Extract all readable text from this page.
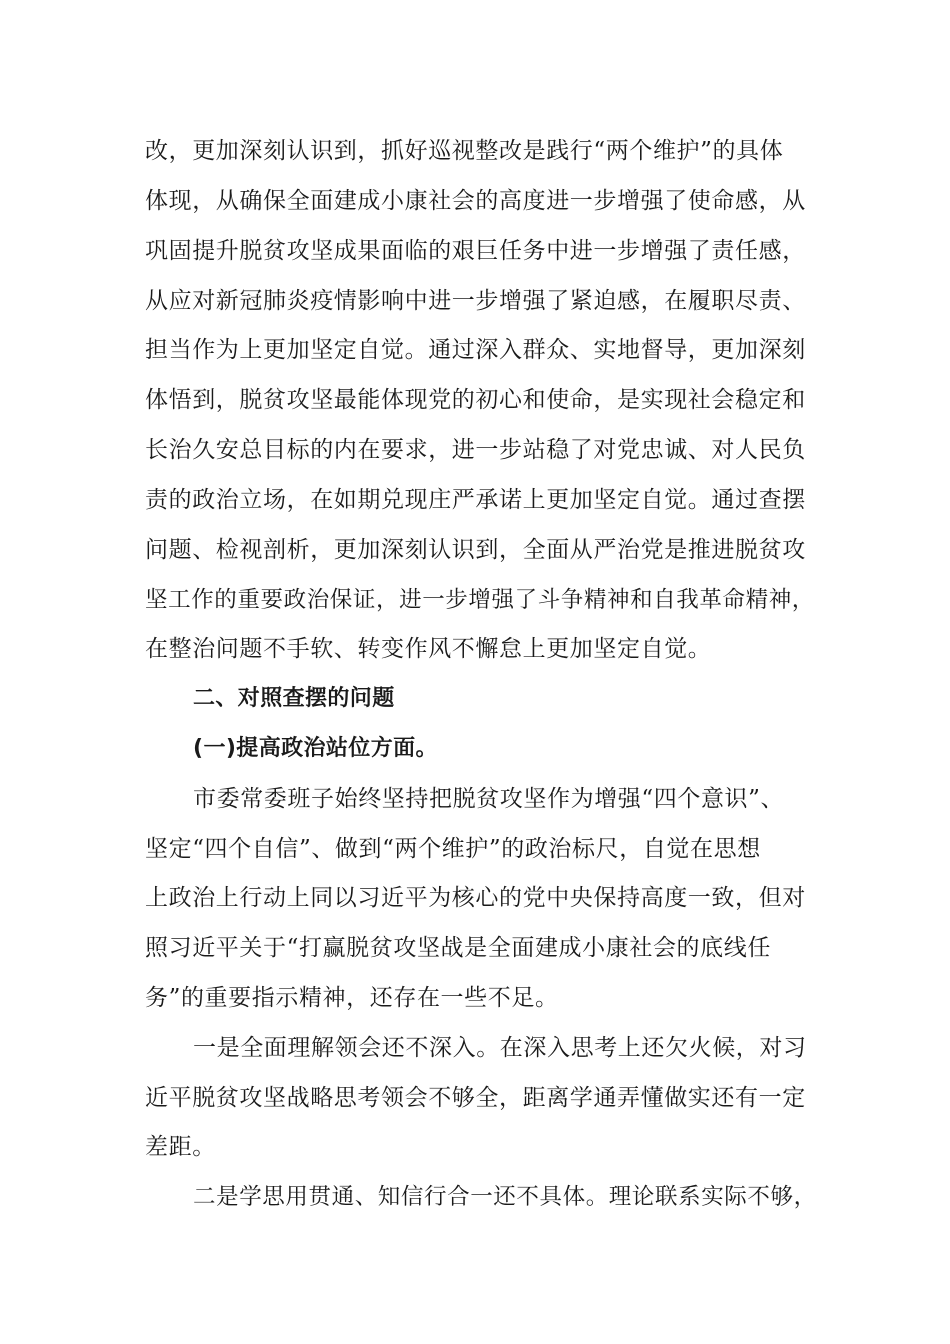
改，更加深刻认识到，抓好巡视整改是践行“两个维护”的具体
体现，从确保全面建成小康社会的高度进一步增强了使命感，从
巩固提升脱贫攻坚成果面临的艰巨任务中进一步增强了责任感，
从应对新冠肺炎疫情影响中进一步增强了紧迫感，在履职尽责、
担当作为上更加坚定自觉。通过深入群众、实地督导，更加深刻
体悟到，脱贫攻坚最能体现党的初心和使命，是实现社会稳定和
长治久安总目标的内在要求，进一步站稳了对党忠诚、对人民负
责的政治立场，在如期兑现庄严承诺上更加坚定自觉。通过查摆
问题、检视剖析，更加深刻认识到，全面从严治党是推进脱贫攻
坚工作的重要政治保证，进一步增强了斗争精神和自我革命精神，
在整治问题不手软、转变作风不懈怠上更加坚定自觉。
二、对照查摆的问题
(一)提高政治站位方面。
市委常委班子始终坚持把脱贫攻坚作为增强“四个意识”、
坚定“四个自信”、做到“两个维护”的政治标尺，自觉在思想
上政治上行动上同以习近平为核心的党中央保持高度一致，但对
照习近平关于“打赢脱贫攻坚战是全面建成小康社会的底线任
务”的重要指示精神，还存在一些不足。
一是全面理解领会还不深入。在深入思考上还欠火候，对习
近平脱贫攻坚战略思考领会不够全，距离学通弄懂做实还有一定
差距。
二是学思用贯通、知信行合一还不具体。理论联系实际不够，
